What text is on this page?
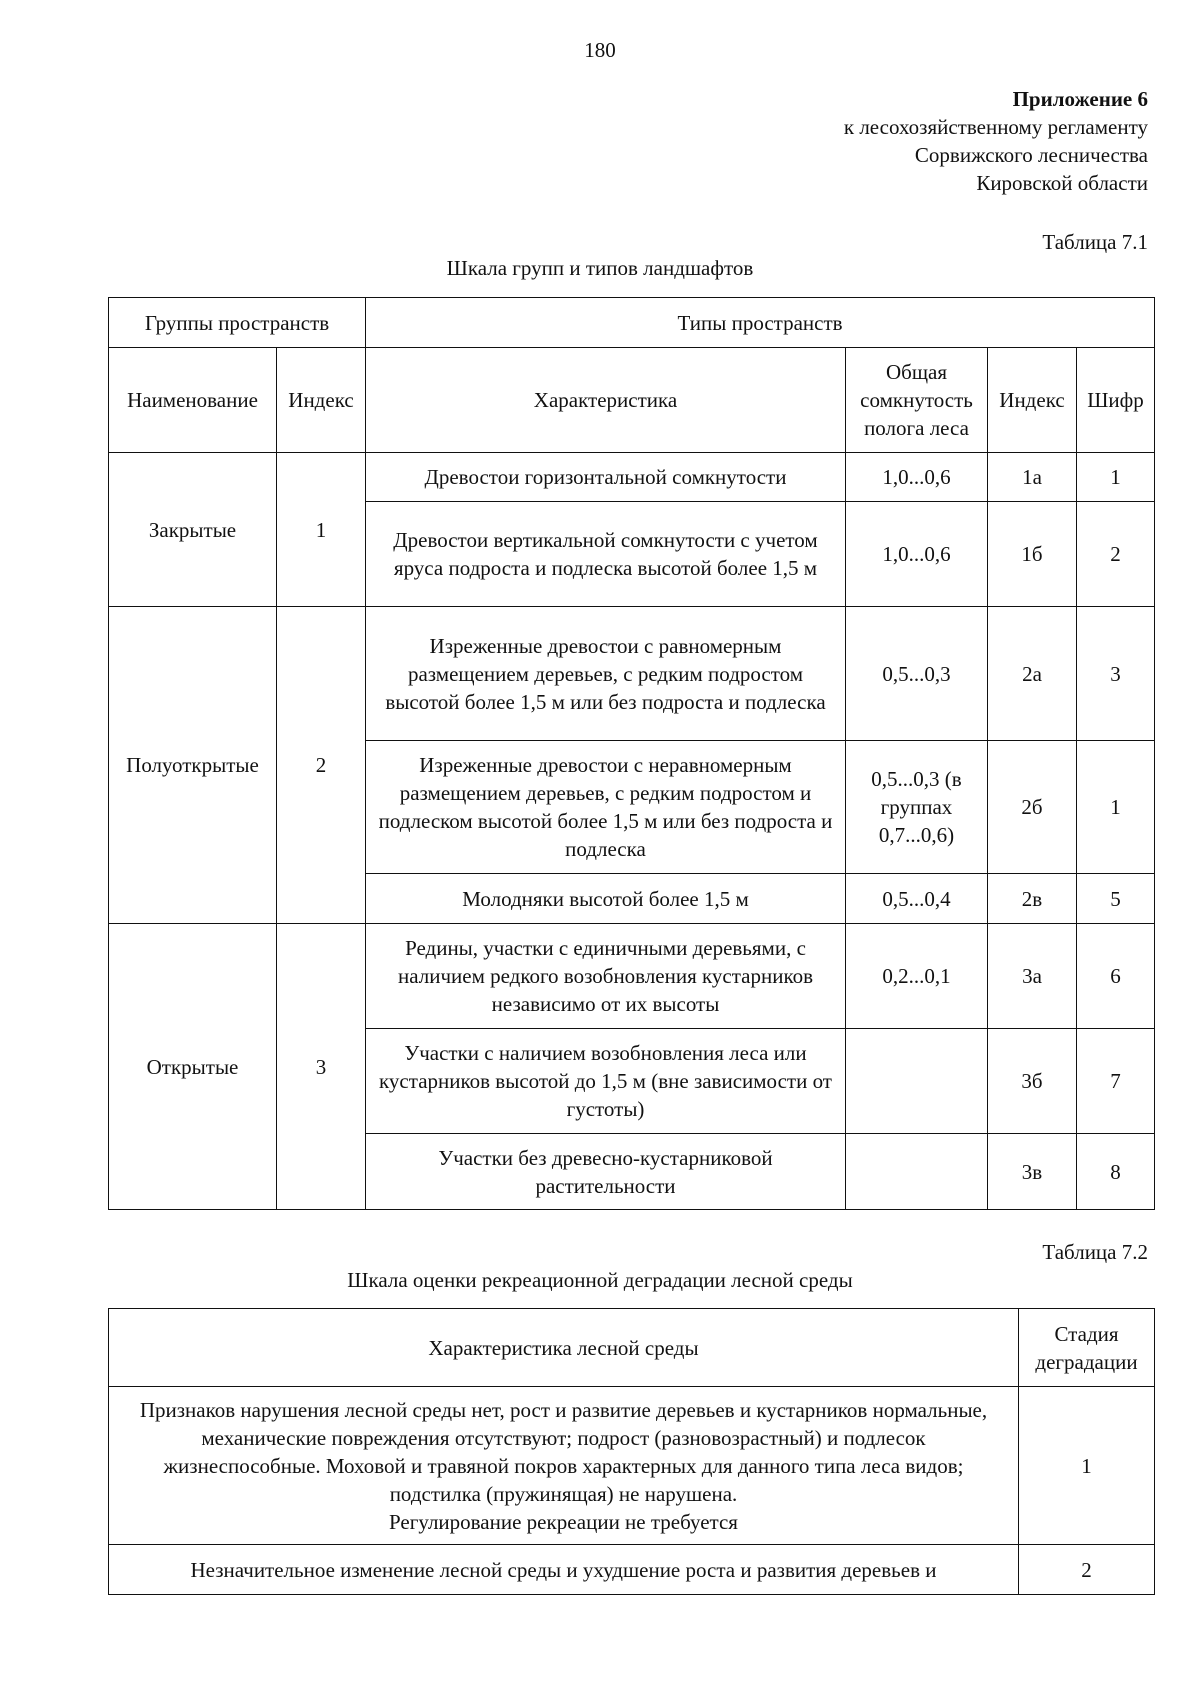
180
Приложение 6
к лесохозяйственному регламенту
Сорвижского лесничества
Кировской области
Таблица 7.1
Шкала групп и типов ландшафтов
Группы пространств		Типы пространств			
Наименование	Индекс	Характеристика	Общая сомкнутость полога леса	Индекс	Шифр
Закрытые	1	Древостои горизонтальной сомкнутости	1,0...0,6	1а	1
		Древостои вертикальной сомкнутости с учетом яруса подроста и подлеска высотой более 1,5 м	1,0...0,6	1б	2
Полуоткрытые	2	Изреженные древостои с равномерным размещением деревьев, с редким подростом высотой более 1,5 м или без подроста и подлеска	0,5...0,3	2а	3
		Изреженные древостои с неравномерным размещением деревьев, с редким подростом и подлеском высотой более 1,5 м или без подроста и подлеска	0,5...0,3 (в группах 0,7...0,6)	2б	1
		Молодняки высотой более 1,5 м	0,5...0,4	2в	5
Открытые	3	Редины, участки с единичными деревьями, с наличием редкого возобновления кустарников независимо от их высоты	0,2...0,1	3а	6
		Участки с наличием возобновления леса или кустарников высотой до 1,5 м (вне зависимости от густоты)		3б	7
		Участки без древесно-кустарниковой растительности		3в	8
Таблица 7.2
Шкала оценки рекреационной деградации лесной среды
Характеристика лесной среды	Стадия деградации
Признаков нарушения лесной среды нет, рост и развитие деревьев и кустарников нормальные, механические повреждения отсутствуют; подрост (разновозрастный) и подлесок жизнеспособные. Моховой и травяной покров характерных для данного типа леса видов; подстилка (пружинящая) не нарушена.
Регулирование рекреации не требуется	1
Незначительное изменение лесной среды и ухудшение роста и развития деревьев и	2
